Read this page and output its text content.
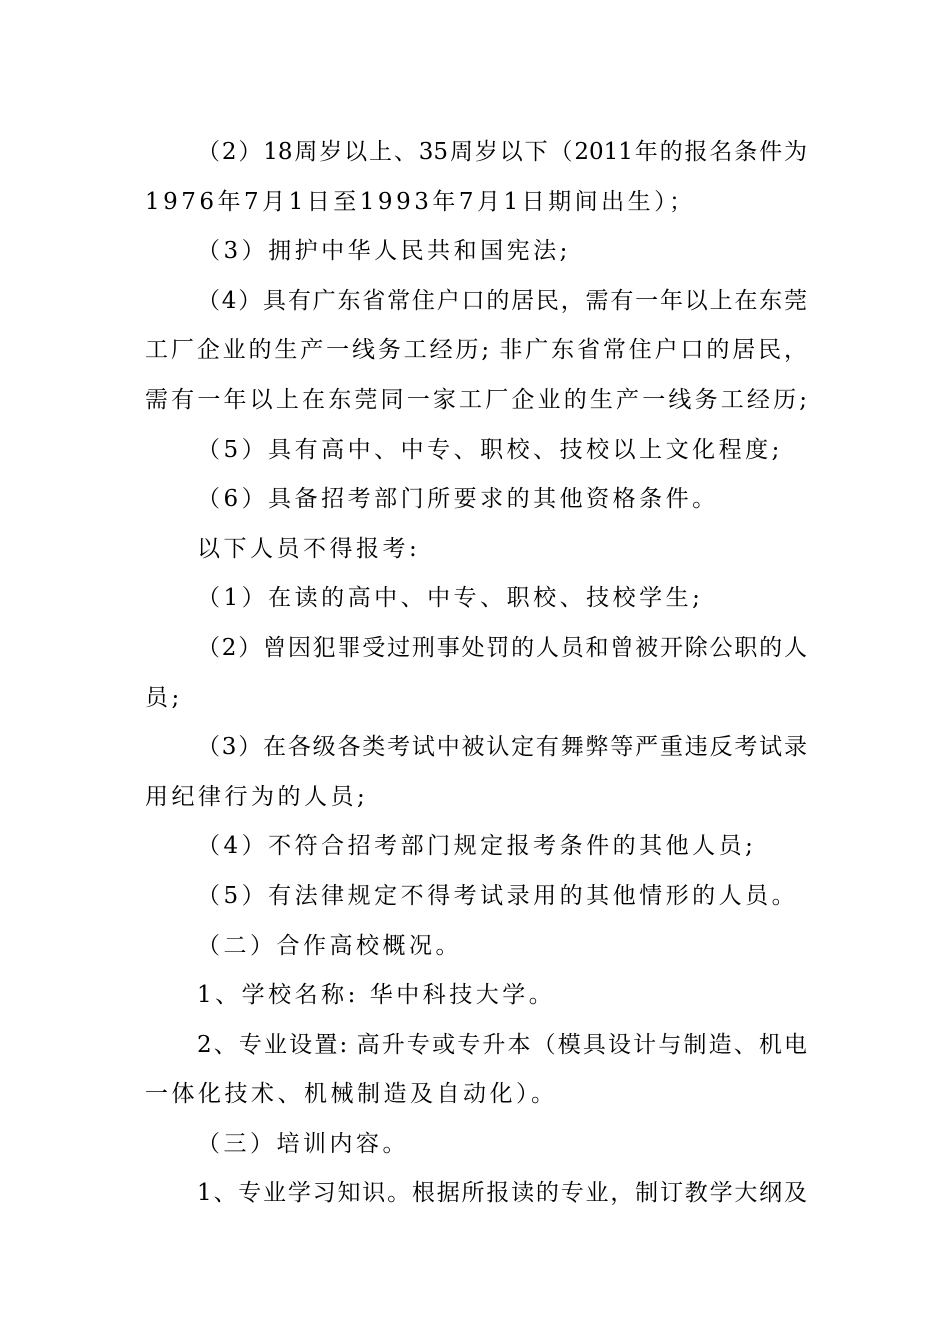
（2）18周岁以上、35周岁以下（2011年的报名条件为
1976年7月1日至1993年7月1日期间出生）；
（3）拥护中华人民共和国宪法;
（4）具有广东省常住户口的居民，需有一年以上在东莞
工厂企业的生产一线务工经历; 非广东省常住户口的居民，
需有一年以上在东莞同一家工厂企业的生产一线务工经历;
（5）具有高中、中专、职校、技校以上文化程度;
（6）具备招考部门所要求的其他资格条件。
以下人员不得报考:
（1）在读的高中、中专、职校、技校学生;
（2）曾因犯罪受过刑事处罚的人员和曾被开除公职的人
员;
（3）在各级各类考试中被认定有舞弊等严重违反考试录
用纪律行为的人员;
（4）不符合招考部门规定报考条件的其他人员;
（5）有法律规定不得考试录用的其他情形的人员。
（二）合作高校概况。
1、学校名称: 华中科技大学。
2、专业设置: 高升专或专升本（模具设计与制造、机电
一体化技术、机械制造及自动化）。
（三）培训内容。
1、专业学习知识。根据所报读的专业，制订教学大纲及
